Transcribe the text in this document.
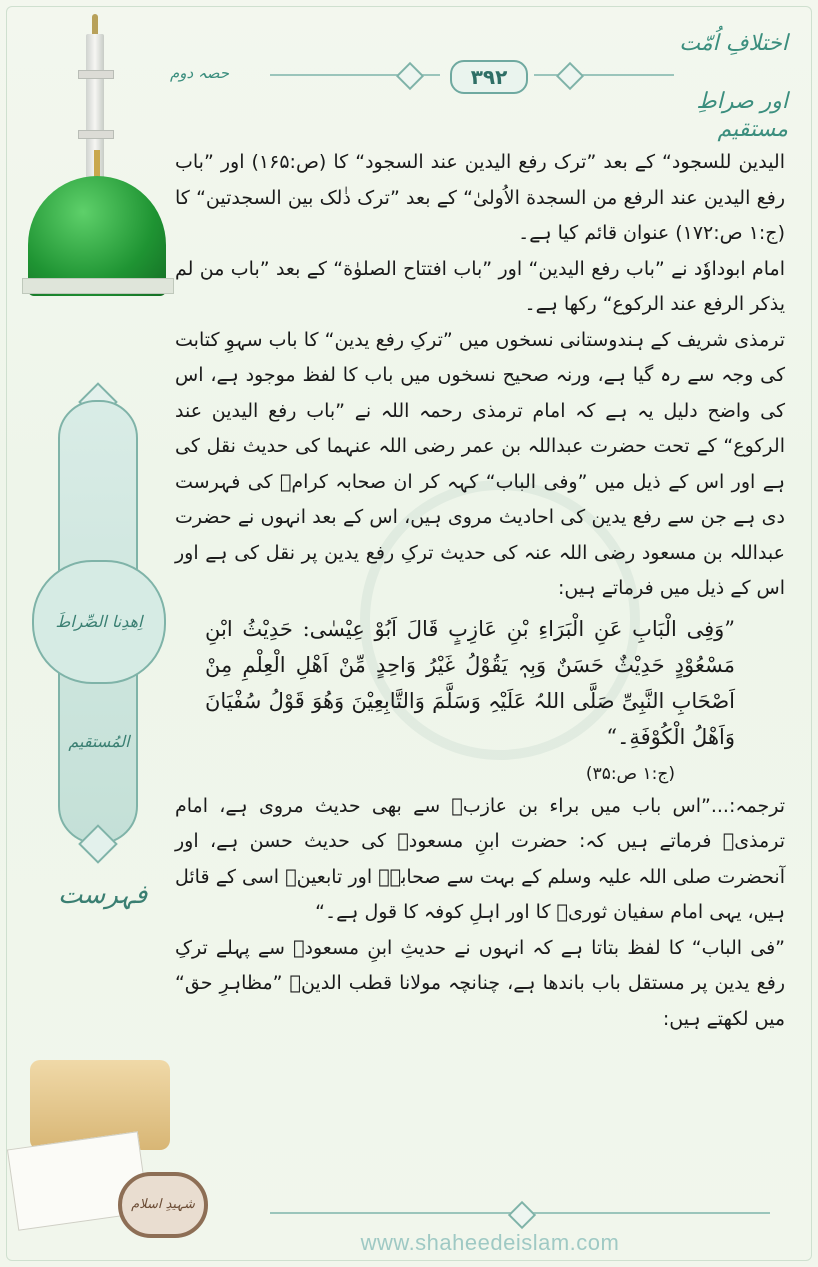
اختلافِ اُمّت
اور صراطِ مستقیم
۳۹۲
حصہ دوم
اِھدِنا الصِّراطَ المُستقیم
فہرست
شہیدِ اسلام

الیدین للسجود“ کے بعد ”ترک رفع الیدین عند السجود“ کا (ص:۱۶۵) اور ”باب رفع الیدین عند الرفع من السجدة الاُولیٰ“ کے بعد ”ترک ذٰلک بین السجدتین“ کا (ج:۱ ص:۱۷۲) عنوان قائم کیا ہے۔

امام ابوداوٗد نے ”باب رفع الیدین“ اور ”باب افتتاح الصلوٰة“ کے بعد ”باب من لم یذکر الرفع عند الرکوع“ رکھا ہے۔

ترمذی شریف کے ہندوستانی نسخوں میں ”ترکِ رفع یدین“ کا باب سہوِ کتابت کی وجہ سے رہ گیا ہے، ورنہ صحیح نسخوں میں باب کا لفظ موجود ہے، اس کی واضح دلیل یہ ہے کہ امام ترمذی رحمہ اللہ نے ”باب رفع الیدین عند الرکوع“ کے تحت حضرت عبداللہ بن عمر رضی اللہ عنہما کی حدیث نقل کی ہے اور اس کے ذیل میں ”وفی الباب“ کہہ کر ان صحابہ کرامؓ کی فہرست دی ہے جن سے رفع یدین کی احادیث مروی ہیں، اس کے بعد انہوں نے حضرت عبداللہ بن مسعود رضی اللہ عنہ کی حدیث ترکِ رفع یدین پر نقل کی ہے اور اس کے ذیل میں فرماتے ہیں:

”وَفِی الْبَابِ عَنِ الْبَرَاءِ بْنِ عَازِبٍ قَالَ اَبُوْ عِیْسٰی: حَدِیْثُ ابْنِ مَسْعُوْدٍ حَدِیْثٌ حَسَنٌ وَبِہٖ یَقُوْلُ غَیْرُ وَاحِدٍ مِّنْ اَھْلِ الْعِلْمِ مِنْ اَصْحَابِ النَّبِیِّ صَلَّی اللہُ عَلَیْہِ وَسَلَّمَ وَالتَّابِعِیْنَ وَھُوَ قَوْلُ سُفْیَانَ وَاَھْلُ الْکُوْفَةِ۔“

(ج:۱ ص:۳۵)

ترجمہ:...”اس باب میں براء بن عازبؓ سے بھی حدیث مروی ہے، امام ترمذیؒ فرماتے ہیں کہ: حضرت ابنِ مسعودؓ کی حدیث حسن ہے، اور آنحضرت صلی اللہ علیہ وسلم کے بہت سے صحابہؓ اور تابعینؒ اسی کے قائل ہیں، یہی امام سفیان ثوریؒ کا اور اہلِ کوفہ کا قول ہے۔“

”فی الباب“ کا لفظ بتاتا ہے کہ انہوں نے حدیثِ ابنِ مسعودؓ سے پہلے ترکِ رفع یدین پر مستقل باب باندھا ہے، چنانچہ مولانا قطب الدینؒ ”مظاہرِ حق“ میں لکھتے ہیں:

www.shaheedeislam.com
